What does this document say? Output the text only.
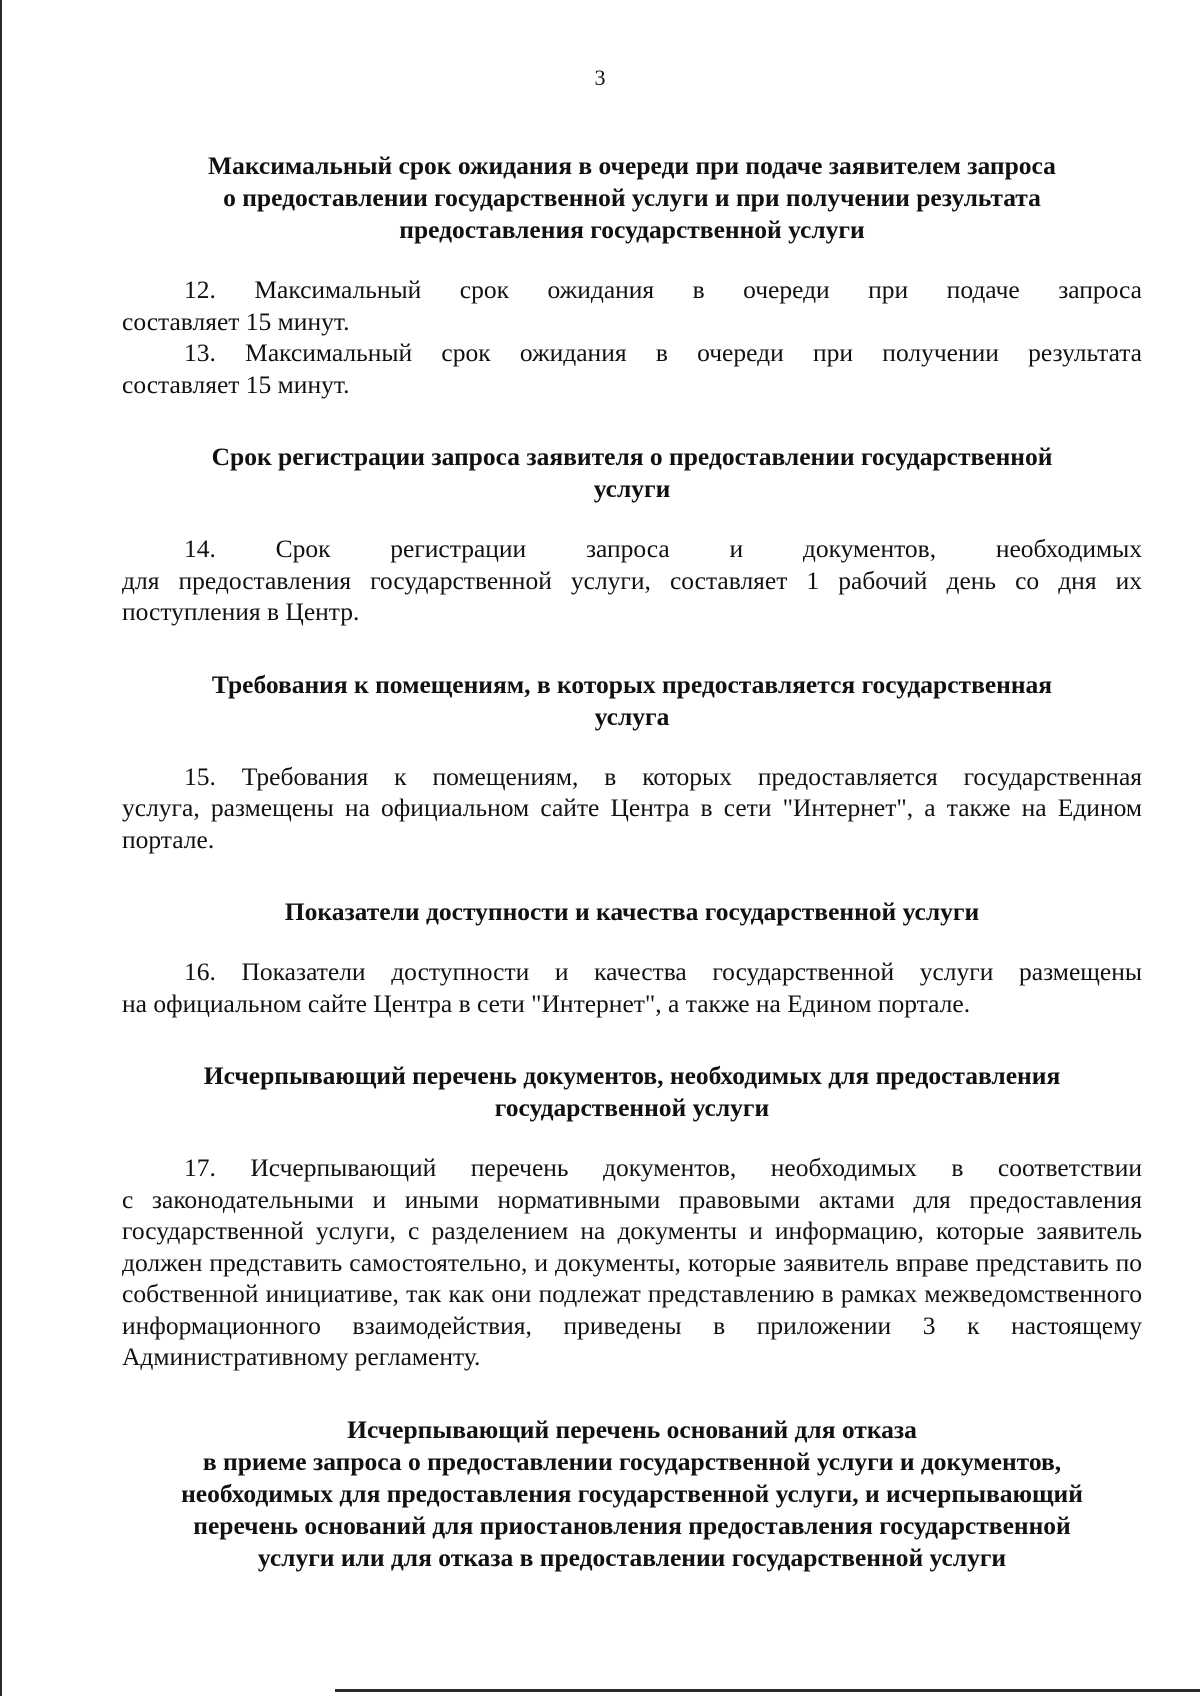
3
Максимальный срок ожидания в очереди при подаче заявителем запроса
о предоставлении государственной услуги и при получении результата
предоставления государственной услуги

12. Максимальный срок ожидания в очереди при подаче запроса
составляет 15 минут.

13. Максимальный срок ожидания в очереди при получении результата
составляет 15 минут.

Срок регистрации запроса заявителя о предоставлении государственной
услуги

14. Срок регистрации запроса и документов, необходимых
для предоставления государственной услуги, составляет 1 рабочий день со дня их поступления в Центр.

Требования к помещениям, в которых предоставляется государственная
услуга

15. Требования к помещениям, в которых предоставляется государственная
услуга, размещены на официальном сайте Центра в сети "Интернет", а также на Едином портале.

Показатели доступности и качества государственной услуги

16. Показатели доступности и качества государственной услуги размещены
на официальном сайте Центра в сети "Интернет", а также на Едином портале.

Исчерпывающий перечень документов, необходимых для предоставления
государственной услуги

17. Исчерпывающий перечень документов, необходимых в соответствии
с законодательными и иными нормативными правовыми актами для предоставления государственной услуги, с разделением на документы и информацию, которые заявитель должен представить самостоятельно, и документы, которые заявитель вправе представить по собственной инициативе, так как они подлежат представлению в рамках межведомственного информационного взаимодействия, приведены в приложении 3 к настоящему Административному регламенту.

Исчерпывающий перечень оснований для отказа
в приеме запроса о предоставлении государственной услуги и документов,
необходимых для предоставления государственной услуги, и исчерпывающий
перечень оснований для приостановления предоставления государственной
услуги или для отказа в предоставлении государственной услуги
